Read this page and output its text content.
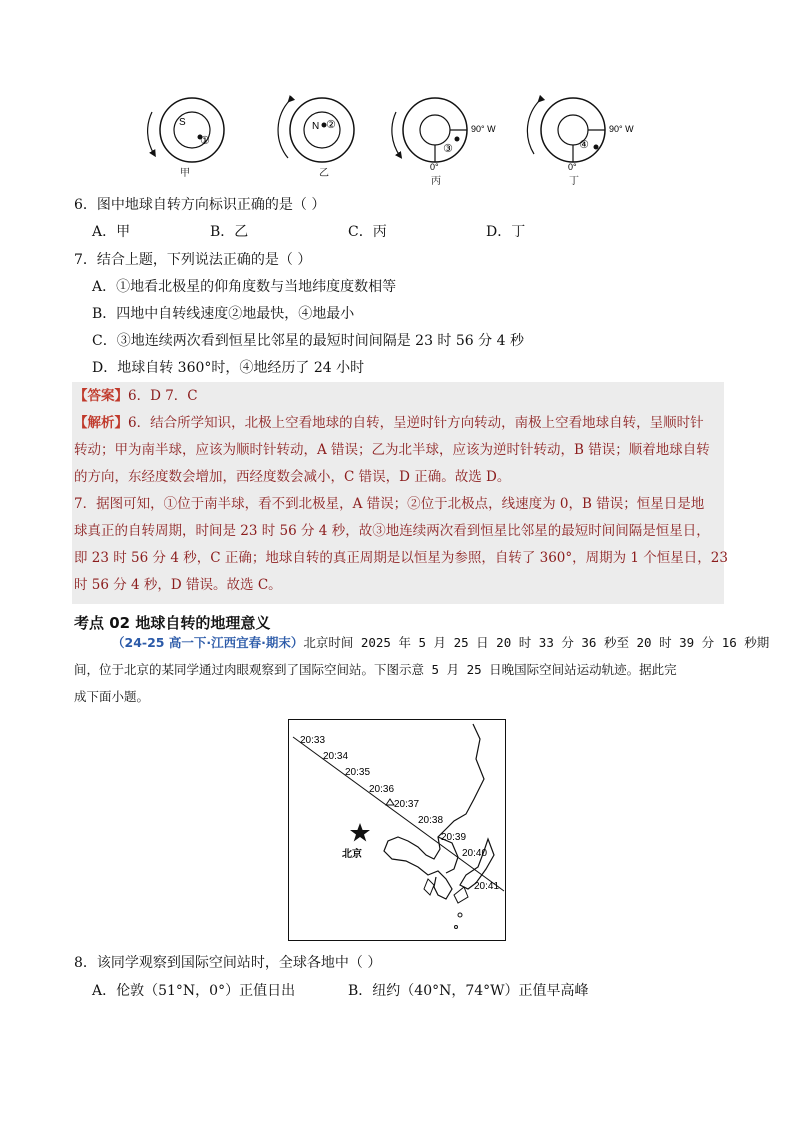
S
①
N ②	90° W
0°
③
90° W
0°
④
甲	乙
丙	丁
6．图中地球自转方向标识正确的是（ ）
A．甲	B．乙	C．丙	D．丁
7．结合上题，下列说法正确的是（ ）
A．①地看北极星的仰角度数与当地纬度度数相等
B．四地中自转线速度②地最快，④地最小
C．③地连续两次看到恒星比邻星的最短时间间隔是 23 时 56 分 4 秒
D．地球自转 360°时，④地经历了 24 小时
【答案】6．D 7．C
【解析】6．结合所学知识，北极上空看地球的自转，呈逆时针方向转动，南极上空看地球自转，呈顺时针
转动；甲为南半球，应该为顺时针转动，A 错误；乙为北半球，应该为逆时针转动，B 错误；顺着地球自转
的方向，东经度数会增加，西经度数会减小，C 错误，D 正确。故选 D。
7．据图可知，①位于南半球，看不到北极星，A 错误；②位于北极点，线速度为 0，B 错误；恒星日是地
球真正的自转周期，时间是 23 时 56 分 4 秒，故③地连续两次看到恒星比邻星的最短时间间隔是恒星日，
即 23 时 56 分 4 秒，C 正确；地球自转的真正周期是以恒星为参照，自转了 360°，周期为 1 个恒星日，23
时 56 分 4 秒，D 错误。故选 C。
考点 02 地球自转的地理意义
（24-25 高一下·江西宜春·期末）北京时间 2025 年 5 月 25 日 20 时 33 分 36 秒至 20 时 39 分 16 秒期
间，位于北京的某同学通过肉眼观察到了国际空间站。下图示意 5 月 25 日晚国际空间站运动轨迹。据此完
成下面小题。
北京
20:33
20:34
20:35
20:36
20:37
20:38
20:39
20:40
20:41
8．该同学观察到国际空间站时，全球各地中（ ）
A．伦敦（51°N，0°）正值日出	B．纽约（40°N，74°W）正值早高峰
